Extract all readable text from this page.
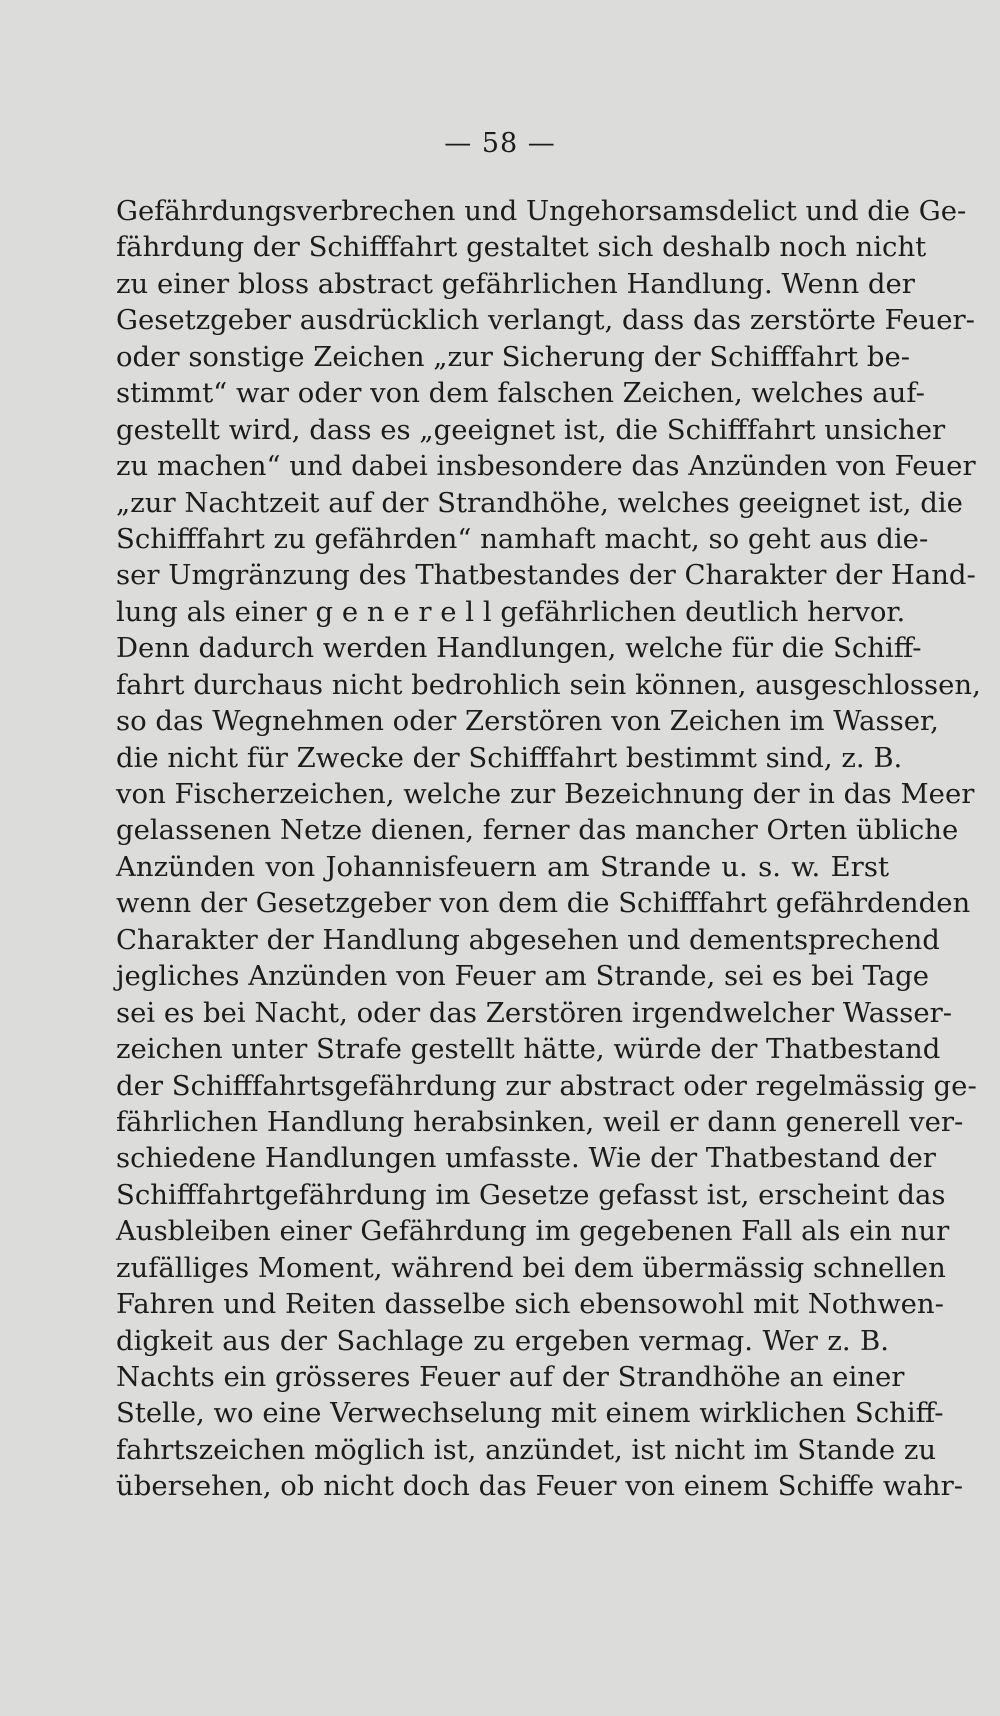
— 58 —
Gefährdungsverbrechen und Ungehorsamsdelict und die Ge-
fährdung der Schifffahrt gestaltet sich deshalb noch nicht
zu einer bloss abstract gefährlichen Handlung. Wenn der
Gesetzgeber ausdrücklich verlangt, dass das zerstörte Feuer-
oder sonstige Zeichen „zur Sicherung der Schifffahrt be-
stimmt“ war oder von dem falschen Zeichen, welches auf-
gestellt wird, dass es „geeignet ist, die Schifffahrt unsicher
zu machen“ und dabei insbesondere das Anzünden von Feuer
„zur Nachtzeit auf der Strandhöhe, welches geeignet ist, die
Schifffahrt zu gefährden“ namhaft macht, so geht aus die-
ser Umgränzung des Thatbestandes der Charakter der Hand-
lung als einer g e n e r e l l gefährlichen deutlich hervor.
Denn dadurch werden Handlungen, welche für die Schiff-
fahrt durchaus nicht bedrohlich sein können, ausgeschlossen,
so das Wegnehmen oder Zerstören von Zeichen im Wasser,
die nicht für Zwecke der Schifffahrt bestimmt sind, z. B.
von Fischerzeichen, welche zur Bezeichnung der in das Meer
gelassenen Netze dienen, ferner das mancher Orten übliche
Anzünden von Johannisfeuern am Strande u. s. w. Erst
wenn der Gesetzgeber von dem die Schifffahrt gefährdenden
Charakter der Handlung abgesehen und dementsprechend
jegliches Anzünden von Feuer am Strande, sei es bei Tage
sei es bei Nacht, oder das Zerstören irgendwelcher Wasser-
zeichen unter Strafe gestellt hätte, würde der Thatbestand
der Schifffahrtsgefährdung zur abstract oder regelmässig ge-
fährlichen Handlung herabsinken, weil er dann generell ver-
schiedene Handlungen umfasste. Wie der Thatbestand der
Schifffahrtgefährdung im Gesetze gefasst ist, erscheint das
Ausbleiben einer Gefährdung im gegebenen Fall als ein nur
zufälliges Moment, während bei dem übermässig schnellen
Fahren und Reiten dasselbe sich ebensowohl mit Nothwen-
digkeit aus der Sachlage zu ergeben vermag. Wer z. B.
Nachts ein grösseres Feuer auf der Strandhöhe an einer
Stelle, wo eine Verwechselung mit einem wirklichen Schiff-
fahrtszeichen möglich ist, anzündet, ist nicht im Stande zu
übersehen, ob nicht doch das Feuer von einem Schiffe wahr-
